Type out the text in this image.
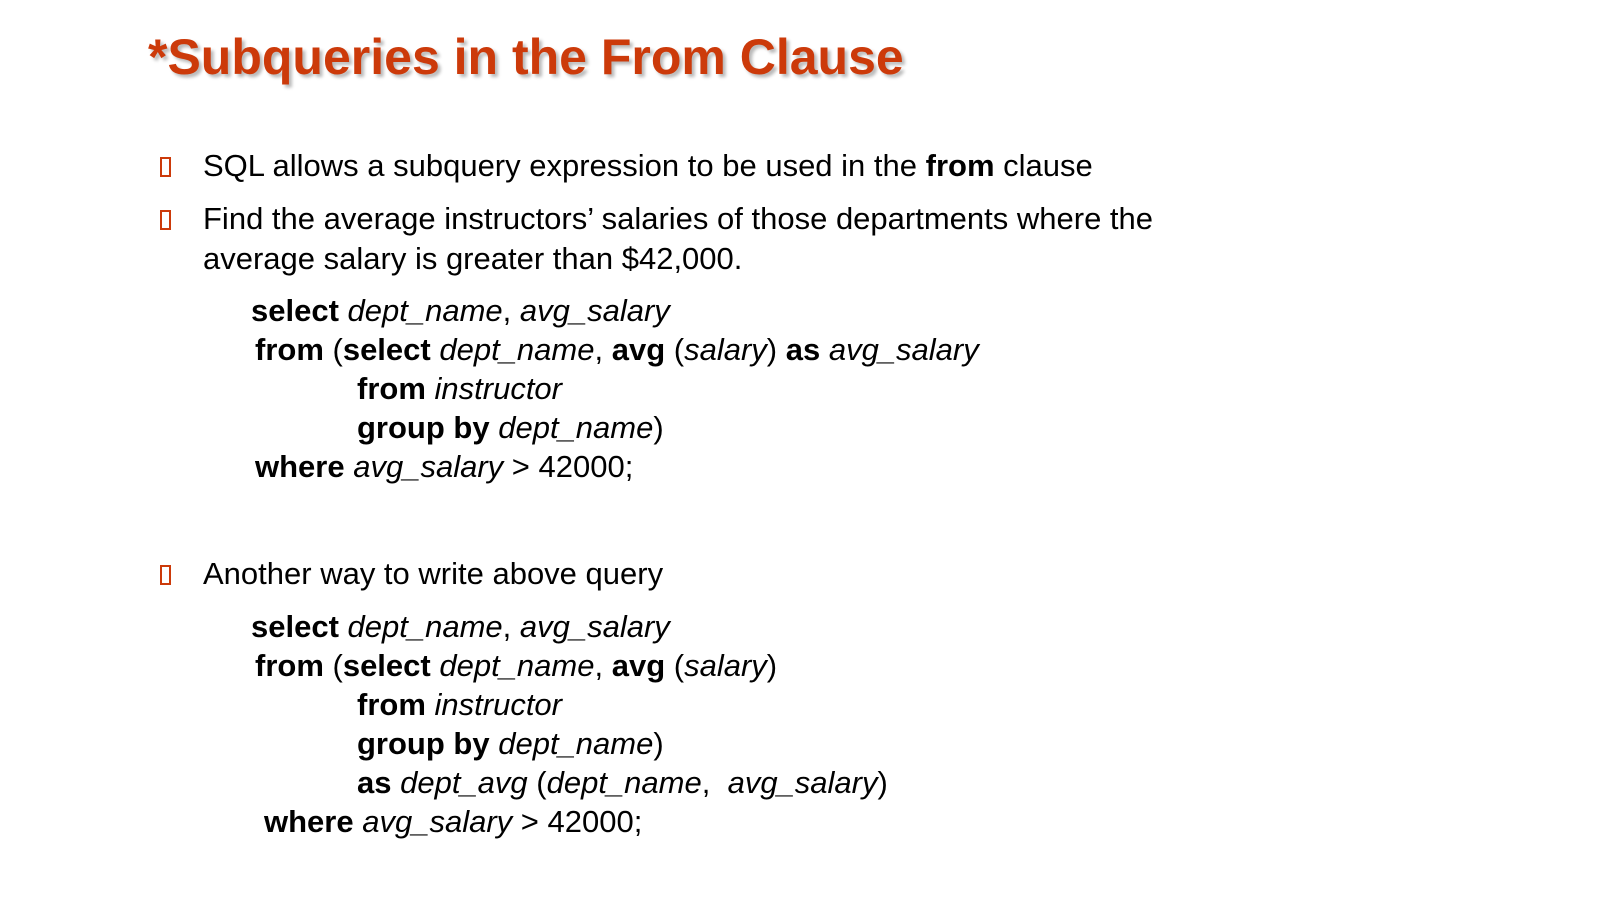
*Subqueries in the From Clause
SQL allows a subquery expression to be used in the from clause
Find the average instructors’ salaries of those departments where the
average salary is greater than $42,000.
select dept_name, avg_salary
from (select dept_name, avg (salary) as avg_salary
from instructor
group by dept_name)
where avg_salary > 42000;
Another way to write above query
select dept_name, avg_salary
from (select dept_name, avg (salary)
from instructor
group by dept_name)
as dept_avg (dept_name,  avg_salary)
where avg_salary > 42000;
